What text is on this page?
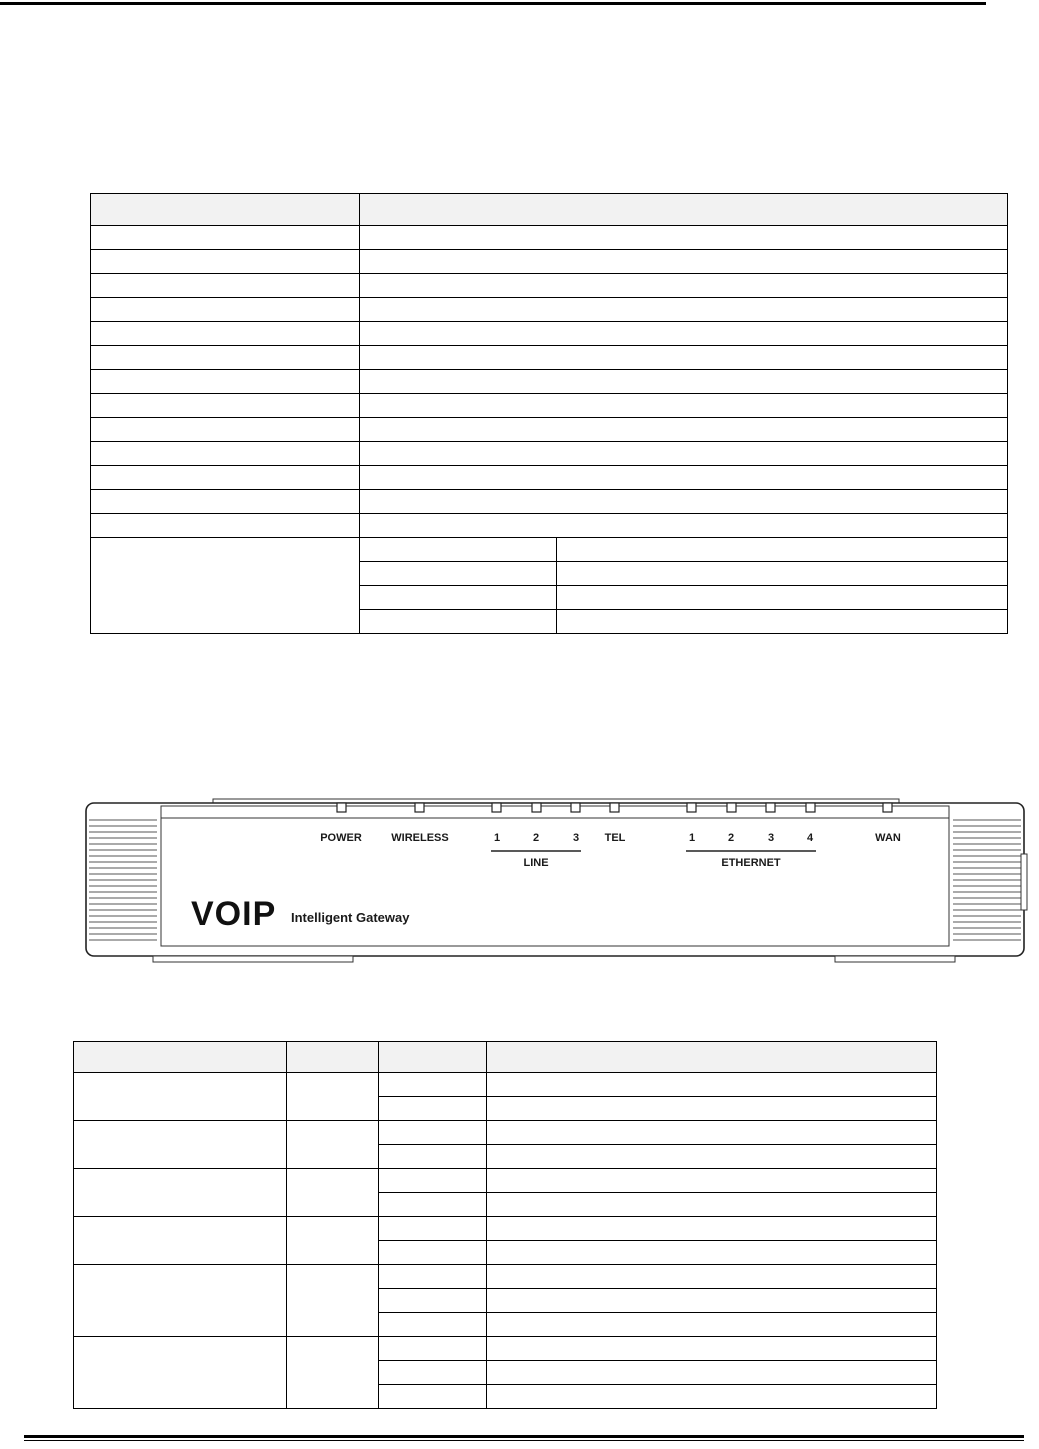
POWER	WIRELESS	1	2	3 TEL	1	2	3	4	WAN
LINE	ETHERNET
VOIP Intelligent Gateway
